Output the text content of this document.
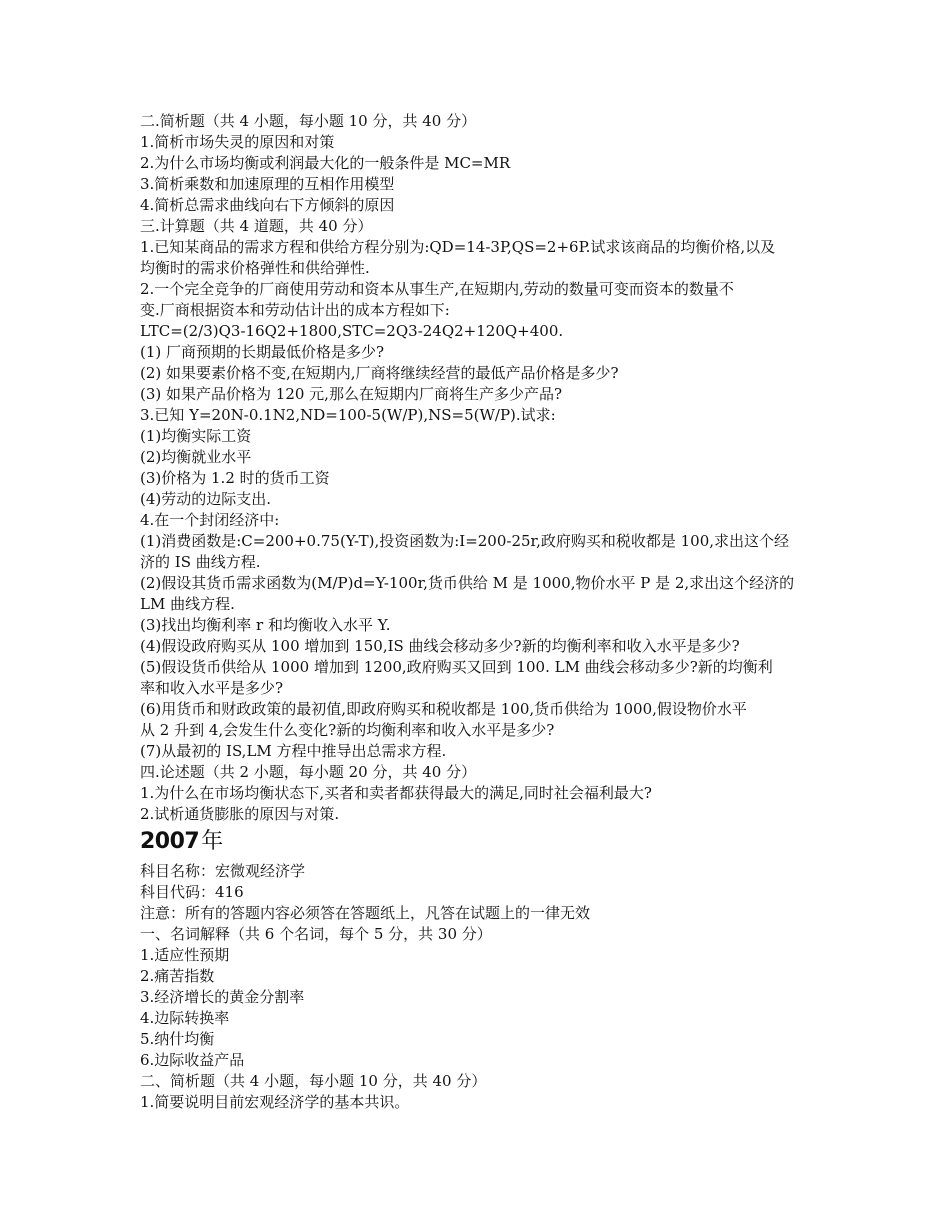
二.简析题（共 4 小题，每小题 10 分，共 40 分）
1.简析市场失灵的原因和对策
2.为什么市场均衡或利润最大化的一般条件是 MC=MR
3.简析乘数和加速原理的互相作用模型
4.简析总需求曲线向右下方倾斜的原因
三.计算题（共 4 道题，共 40 分）
1.已知某商品的需求方程和供给方程分别为:QD=14-3P,QS=2+6P.试求该商品的均衡价格,以及
均衡时的需求价格弹性和供给弹性.
2.一个完全竞争的厂商使用劳动和资本从事生产,在短期内,劳动的数量可变而资本的数量不
变.厂商根据资本和劳动估计出的成本方程如下:
LTC=(2/3)Q3-16Q2+1800,STC=2Q3-24Q2+120Q+400.
(1) 厂商预期的长期最低价格是多少?
(2) 如果要素价格不变,在短期内,厂商将继续经营的最低产品价格是多少?
(3) 如果产品价格为 120 元,那么在短期内厂商将生产多少产品?
3.已知 Y=20N-0.1N2,ND=100-5(W/P),NS=5(W/P).试求:
(1)均衡实际工资
(2)均衡就业水平
(3)价格为 1.2 时的货币工资
(4)劳动的边际支出.
4.在一个封闭经济中:
(1)消费函数是:C=200+0.75(Y-T),投资函数为:I=200-25r,政府购买和税收都是 100,求出这个经
济的 IS 曲线方程.
(2)假设其货币需求函数为(M/P)d=Y-100r,货币供给 M 是 1000,物价水平 P 是 2,求出这个经济的
LM 曲线方程.
(3)找出均衡利率 r 和均衡收入水平 Y.
(4)假设政府购买从 100 增加到 150,IS 曲线会移动多少?新的均衡利率和收入水平是多少?
(5)假设货币供给从 1000 增加到 1200,政府购买又回到 100. LM 曲线会移动多少?新的均衡利
率和收入水平是多少?
(6)用货币和财政政策的最初值,即政府购买和税收都是 100,货币供给为 1000,假设物价水平
从 2 升到 4,会发生什么变化?新的均衡利率和收入水平是多少?
(7)从最初的 IS,LM 方程中推导出总需求方程.
四.论述题（共 2 小题，每小题 20 分，共 40 分）
1.为什么在市场均衡状态下,买者和卖者都获得最大的满足,同时社会福利最大?
2.试析通货膨胀的原因与对策.
2007 年
科目名称：宏微观经济学
科目代码：416
注意：所有的答题内容必须答在答题纸上，凡答在试题上的一律无效
一、名词解释（共 6 个名词，每个 5 分，共 30 分）
1.适应性预期
2.痛苦指数
3.经济增长的黄金分割率
4.边际转换率
5.纳什均衡
6.边际收益产品
二、简析题（共 4 小题，每小题 10 分，共 40 分）
1.简要说明目前宏观经济学的基本共识。
